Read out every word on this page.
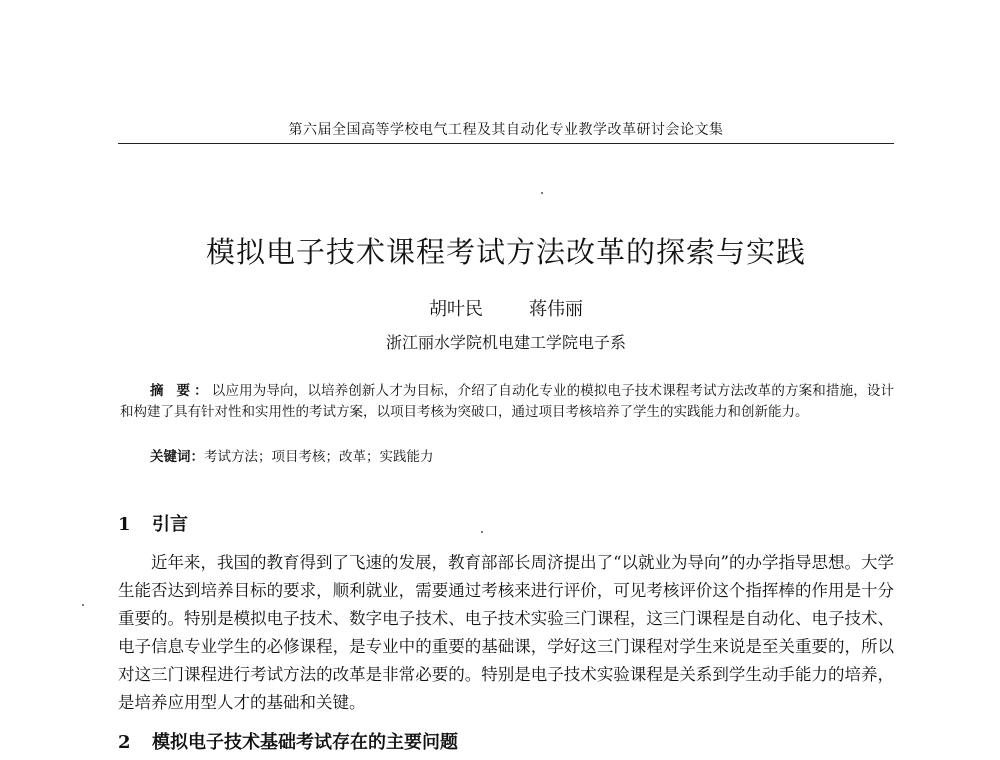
第六届全国高等学校电气工程及其自动化专业教学改革研讨会论文集
模拟电子技术课程考试方法改革的探索与实践
胡叶民	蒋伟丽
浙江丽水学院机电建工学院电子系
摘 要：以应用为导向，以培养创新人才为目标，介绍了自动化专业的模拟电子技术课程考试方法改革的方案和措施，设计和构建了具有针对性和实用性的考试方案，以项目考核为突破口，通过项目考核培养了学生的实践能力和创新能力。
关键词：考试方法；项目考核；改革；实践能力
1 引言

近年来，我国的教育得到了飞速的发展，教育部部长周济提出了“以就业为导向”的办学指导思想。大学生能否达到培养目标的要求，顺利就业，需要通过考核来进行评价，可见考核评价这个指挥棒的作用是十分重要的。特别是模拟电子技术、数字电子技术、电子技术实验三门课程，这三门课程是自动化、电子技术、电子信息专业学生的必修课程，是专业中的重要的基础课，学好这三门课程对学生来说是至关重要的，所以对这三门课程进行考试方法的改革是非常必要的。特别是电子技术实验课程是关系到学生动手能力的培养，是培养应用型人才的基础和关键。

2 模拟电子技术基础考试存在的主要问题
